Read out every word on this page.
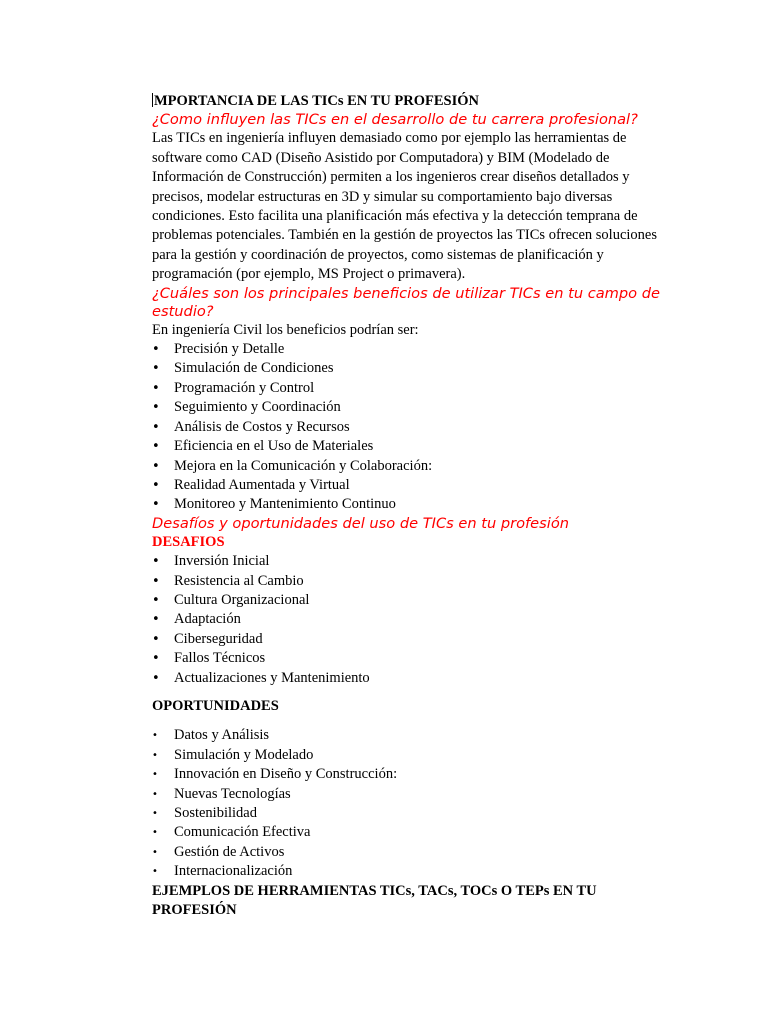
MPORTANCIA DE LAS TICs EN TU PROFESIÓN

¿Como influyen las TICs en el desarrollo de tu carrera profesional?

Las TICs en ingeniería influyen demasiado como por ejemplo las herramientas de software como CAD (Diseño Asistido por Computadora) y BIM (Modelado de Información de Construcción) permiten a los ingenieros crear diseños detallados y precisos, modelar estructuras en 3D y simular su comportamiento bajo diversas condiciones. Esto facilita una planificación más efectiva y la detección temprana de problemas potenciales. También en la gestión de proyectos las TICs ofrecen soluciones para la gestión y coordinación de proyectos, como sistemas de planificación y programación (por ejemplo, MS Project o primavera).

¿Cuáles son los principales beneficios de utilizar TICs en tu campo de estudio?

En ingeniería Civil los beneficios podrían ser:

• Precisión y Detalle
• Simulación de Condiciones
• Programación y Control
• Seguimiento y Coordinación
• Análisis de Costos y Recursos
• Eficiencia en el Uso de Materiales
• Mejora en la Comunicación y Colaboración:
• Realidad Aumentada y Virtual
• Monitoreo y Mantenimiento Continuo

Desafíos y oportunidades del uso de TICs en tu profesión

DESAFIOS

• Inversión Inicial
• Resistencia al Cambio
• Cultura Organizacional
• Adaptación
• Ciberseguridad
• Fallos Técnicos
• Actualizaciones y Mantenimiento

OPORTUNIDADES

• Datos y Análisis
• Simulación y Modelado
• Innovación en Diseño y Construcción:
• Nuevas Tecnologías
• Sostenibilidad
• Comunicación Efectiva
• Gestión de Activos
• Internacionalización

EJEMPLOS DE HERRAMIENTAS TICs, TACs, TOCs O TEPs EN TU PROFESIÓN
